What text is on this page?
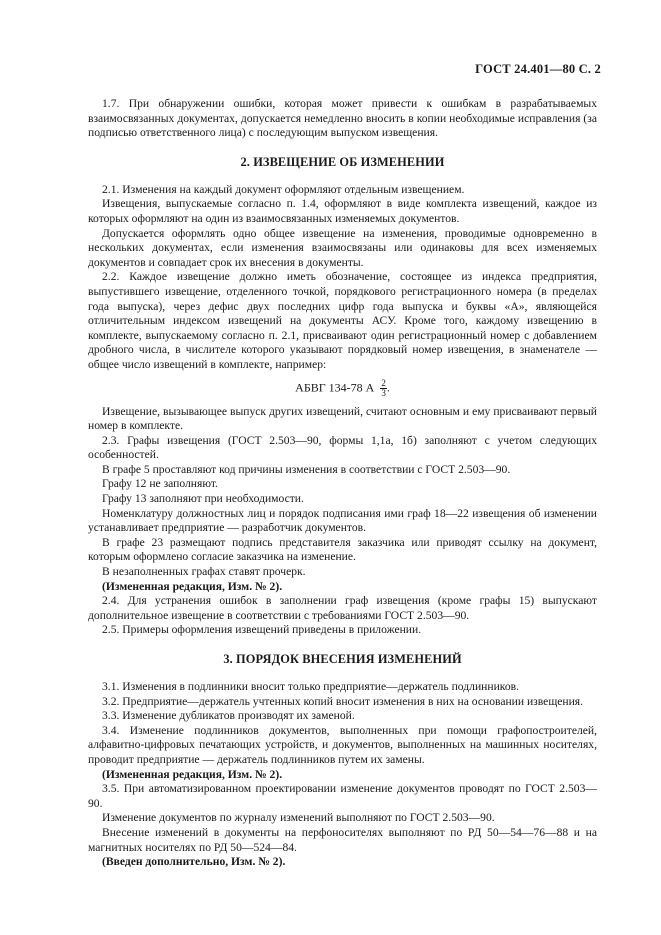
ГОСТ 24.401—80 С. 2

1.7. При обнаружении ошибки, которая может привести к ошибкам в разрабатываемых взаимосвязанных документах, допускается немедленно вносить в копии необходимые исправления (за подписью ответственного лица) с последующим выпуском извещения.

2. ИЗВЕЩЕНИЕ ОБ ИЗМЕНЕНИИ

2.1. Изменения на каждый документ оформляют отдельным извещением.

Извещения, выпускаемые согласно п. 1.4, оформляют в виде комплекта извещений, каждое из которых оформляют на один из взаимосвязанных изменяемых документов.

Допускается оформлять одно общее извещение на изменения, проводимые одновременно в нескольких документах, если изменения взаимосвязаны или одинаковы для всех изменяемых документов и совпадает срок их внесения в документы.

2.2. Каждое извещение должно иметь обозначение, состоящее из индекса предприятия, выпустившего извещение, отделенного точкой, порядкового регистрационного номера (в пределах года выпуска), через дефис двух последних цифр года выпуска и буквы «А», являющейся отличительным индексом извещений на документы АСУ. Кроме того, каждому извещению в комплекте, выпускаемому согласно п. 2.1, присваивают один регистрационный номер с добавлением дробного числа, в числителе которого указывают порядковый номер извещения, в знаменателе — общее число извещений в комплекте, например:

АБВГ 134-78 А $\frac{2}{3}$ .

Извещение, вызывающее выпуск других извещений, считают основным и ему присваивают первый номер в комплекте.

2.3. Графы извещения (ГОСТ 2.503—90, формы 1,1а, 1б) заполняют с учетом следующих особенностей.

В графе 5 проставляют код причины изменения в соответствии с ГОСТ 2.503—90.

Графу 12 не заполняют.

Графу 13 заполняют при необходимости.

Номенклатуру должностных лиц и порядок подписания ими граф 18—22 извещения об изменении устанавливает предприятие — разработчик документов.

В графе 23 размещают подпись представителя заказчика или приводят ссылку на документ, которым оформлено согласие заказчика на изменение.

В незаполненных графах ставят прочерк.

(Измененная редакция, Изм. № 2).

2.4. Для устранения ошибок в заполнении граф извещения (кроме графы 15) выпускают дополнительное извещение в соответствии с требованиями ГОСТ 2.503—90.

2.5. Примеры оформления извещений приведены в приложении.

3. ПОРЯДОК ВНЕСЕНИЯ ИЗМЕНЕНИЙ

3.1. Изменения в подлинники вносит только предприятие—держатель подлинников.

3.2. Предприятие—держатель учтенных копий вносит изменения в них на основании извещения.

3.3. Изменение дубликатов производят их заменой.

3.4. Изменение подлинников документов, выполненных при помощи графопостроителей, алфавитно-цифровых печатающих устройств, и документов, выполненных на машинных носителях, проводит предприятие — держатель подлинников путем их замены.

(Измененная редакция, Изм. № 2).

3.5. При автоматизированном проектировании изменение документов проводят по ГОСТ 2.503—90.

Изменение документов по журналу изменений выполняют по ГОСТ 2.503—90.

Внесение изменений в документы на перфоносителях выполняют по РД 50—54—76—88 и на магнитных носителях по РД 50—524—84.

(Введен дополнительно, Изм. № 2).
